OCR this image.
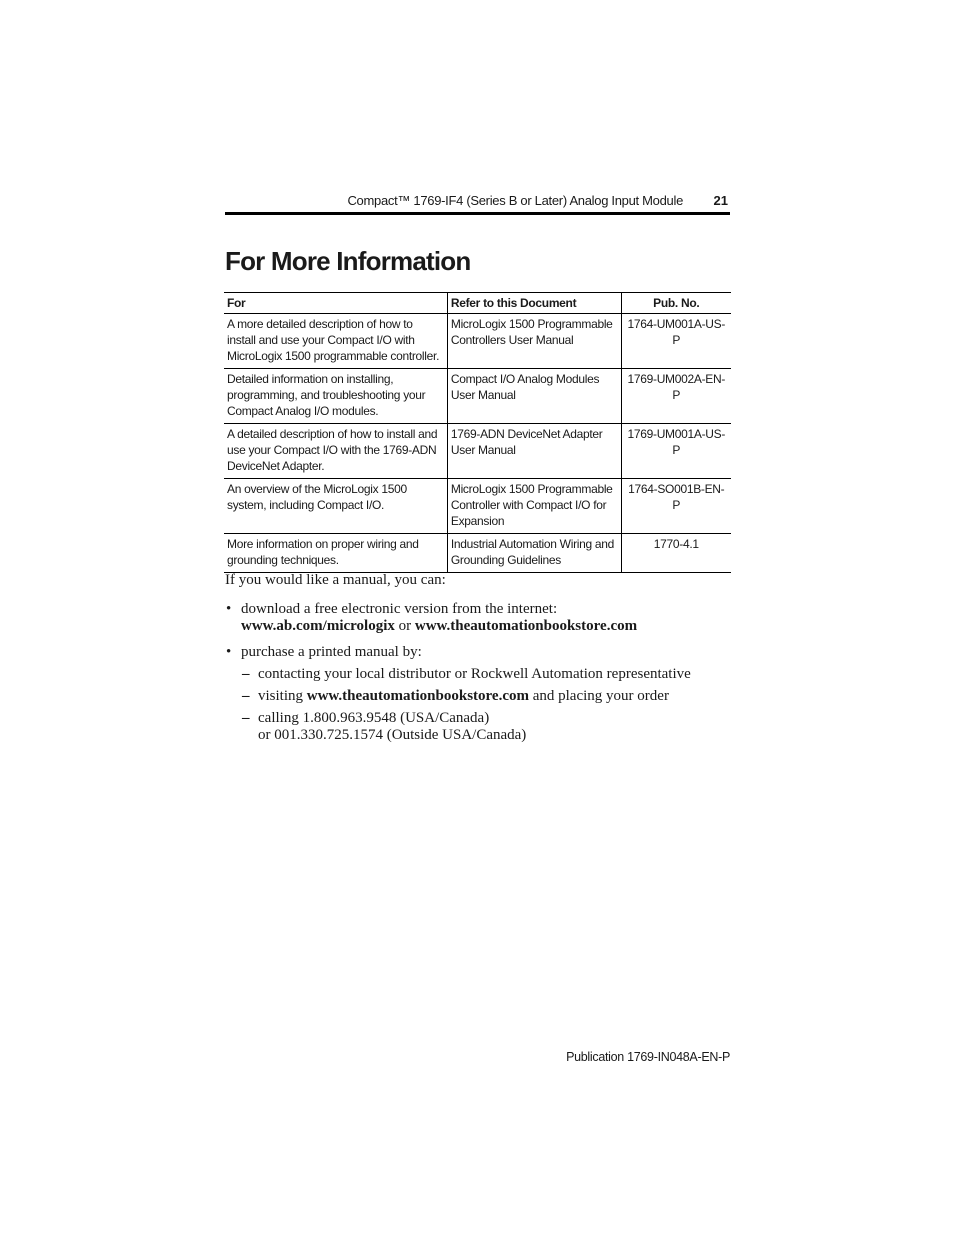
Compact™ 1769-IF4 (Series B or Later) Analog Input Module 21
For More Information
For	Refer to this Document	Pub. No.
A more detailed description of how to install and use your Compact I/O with MicroLogix 1500 programmable controller.	MicroLogix 1500 Programmable Controllers User Manual	1764-UM001A-US-P
Detailed information on installing, programming, and troubleshooting your Compact Analog I/O modules.	Compact I/O Analog Modules User Manual	1769-UM002A-EN-P
A detailed description of how to install and use your Compact I/O with the 1769-ADN DeviceNet Adapter.	1769-ADN DeviceNet Adapter User Manual	1769-UM001A-US-P
An overview of the MicroLogix 1500 system, including Compact I/O.	MicroLogix 1500 Programmable Controller with Compact I/O for Expansion	1764-SO001B-EN-P
More information on proper wiring and grounding techniques.	Industrial Automation Wiring and Grounding Guidelines	1770-4.1

If you would like a manual, you can:

• download a free electronic version from the internet:
www.ab.com/micrologix or www.theautomationbookstore.com
• purchase a printed manual by:
– contacting your local distributor or Rockwell Automation representative
– visiting www.theautomationbookstore.com and placing your order
– calling 1.800.963.9548 (USA/Canada)
or 001.330.725.1574 (Outside USA/Canada)
Publication 1769-IN048A-EN-P
